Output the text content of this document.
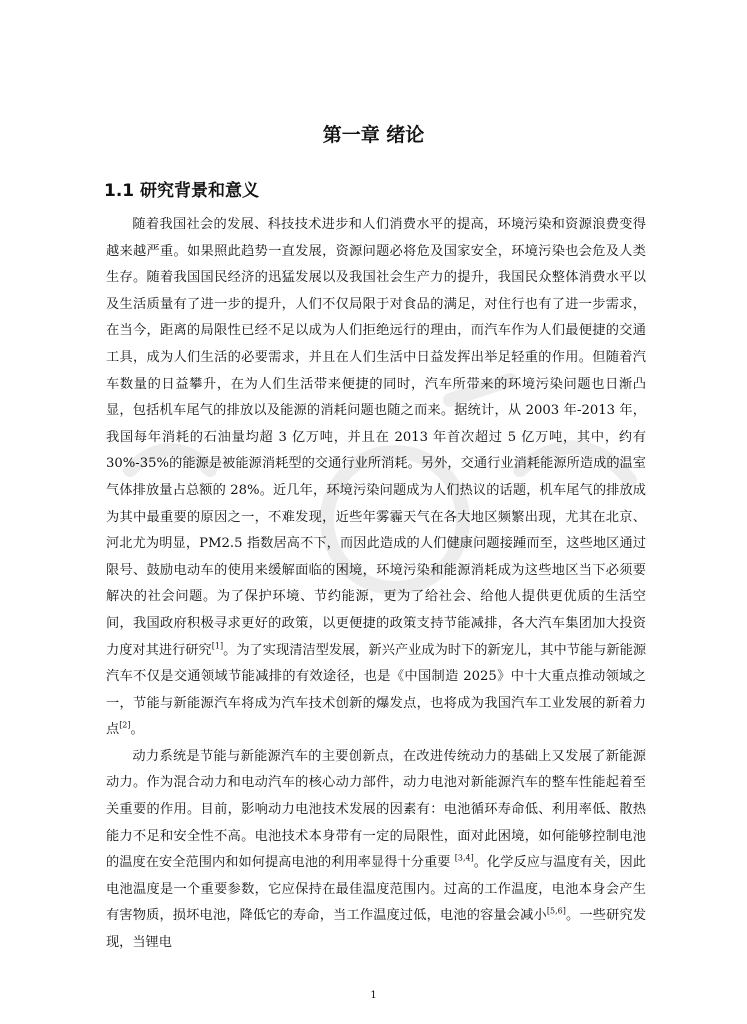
第一章 绪论
1.1 研究背景和意义

随着我国社会的发展、科技技术进步和人们消费水平的提高，环境污染和资源浪费变得越来越严重。如果照此趋势一直发展，资源问题必将危及国家安全，环境污染也会危及人类生存。随着我国国民经济的迅猛发展以及我国社会生产力的提升，我国民众整体消费水平以及生活质量有了进一步的提升，人们不仅局限于对食品的满足，对住行也有了进一步需求，在当今，距离的局限性已经不足以成为人们拒绝远行的理由，而汽车作为人们最便捷的交通工具，成为人们生活的必要需求，并且在人们生活中日益发挥出举足轻重的作用。但随着汽车数量的日益攀升，在为人们生活带来便捷的同时，汽车所带来的环境污染问题也日渐凸显，包括机车尾气的排放以及能源的消耗问题也随之而来。据统计，从 2003 年-2013 年，我国每年消耗的石油量均超 3 亿万吨，并且在 2013 年首次超过 5 亿万吨，其中，约有 30%-35%的能源是被能源消耗型的交通行业所消耗。另外，交通行业消耗能源所造成的温室气体排放量占总额的 28%。近几年，环境污染问题成为人们热议的话题，机车尾气的排放成为其中最重要的原因之一，不难发现，近些年雾霾天气在各大地区频繁出现，尤其在北京、河北尤为明显，PM2.5 指数居高不下，而因此造成的人们健康问题接踵而至，这些地区通过限号、鼓励电动车的使用来缓解面临的困境，环境污染和能源消耗成为这些地区当下必须要解决的社会问题。为了保护环境、节约能源，更为了给社会、给他人提供更优质的生活空间，我国政府积极寻求更好的政策，以更便捷的政策支持节能减排，各大汽车集团加大投资力度对其进行研究[1]。为了实现清洁型发展，新兴产业成为时下的新宠儿，其中节能与新能源汽车不仅是交通领域节能减排的有效途径，也是《中国制造 2025》中十大重点推动领域之一，节能与新能源汽车将成为汽车技术创新的爆发点，也将成为我国汽车工业发展的新着力点[2]。

动力系统是节能与新能源汽车的主要创新点，在改进传统动力的基础上又发展了新能源动力。作为混合动力和电动汽车的核心动力部件，动力电池对新能源汽车的整车性能起着至关重要的作用。目前，影响动力电池技术发展的因素有：电池循环寿命低、利用率低、散热能力不足和安全性不高。电池技术本身带有一定的局限性，面对此困境，如何能够控制电池的温度在安全范围内和如何提高电池的利用率显得十分重要 [3,4]。化学反应与温度有关，因此电池温度是一个重要参数，它应保持在最佳温度范围内。过高的工作温度，电池本身会产生有害物质，损坏电池，降低它的寿命，当工作温度过低，电池的容量会减小[5,6]。一些研究发现，当锂电

1
